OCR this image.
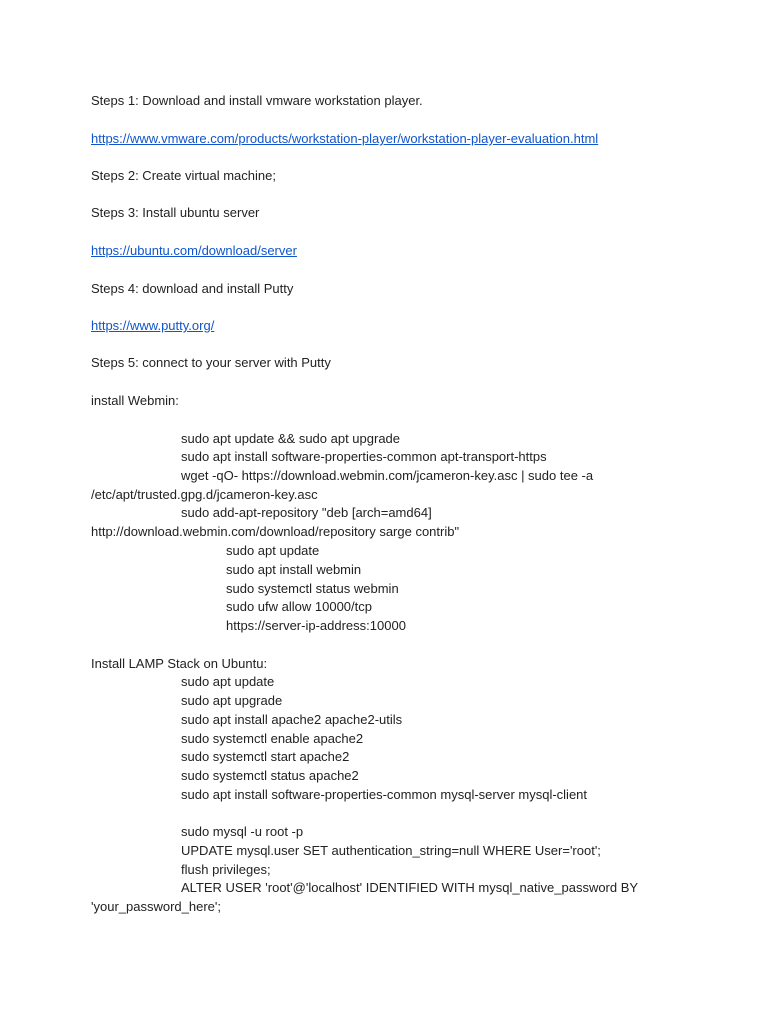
Steps 1: Download and install vmware workstation player.
https://www.vmware.com/products/workstation-player/workstation-player-evaluation.html
Steps 2: Create virtual machine;
Steps 3: Install ubuntu server
https://ubuntu.com/download/server
Steps 4: download and install Putty
https://www.putty.org/
Steps 5: connect to your server with Putty
install Webmin:
sudo apt update && sudo apt upgrade
sudo apt install software-properties-common apt-transport-https
wget -qO- https://download.webmin.com/jcameron-key.asc | sudo tee -a
/etc/apt/trusted.gpg.d/jcameron-key.asc
sudo add-apt-repository "deb [arch=amd64]
http://download.webmin.com/download/repository sarge contrib"
sudo apt update
sudo apt install webmin
sudo systemctl status webmin
sudo ufw allow 10000/tcp
https://server-ip-address:10000
Install LAMP Stack on Ubuntu:
sudo apt update
sudo apt upgrade
sudo apt install apache2 apache2-utils
sudo systemctl enable apache2
sudo systemctl start apache2
sudo systemctl status apache2
sudo apt install software-properties-common mysql-server mysql-client
sudo mysql -u root -p
UPDATE mysql.user SET authentication_string=null WHERE User='root';
flush privileges;
ALTER USER 'root'@'localhost' IDENTIFIED WITH mysql_native_password BY
'your_password_here';
